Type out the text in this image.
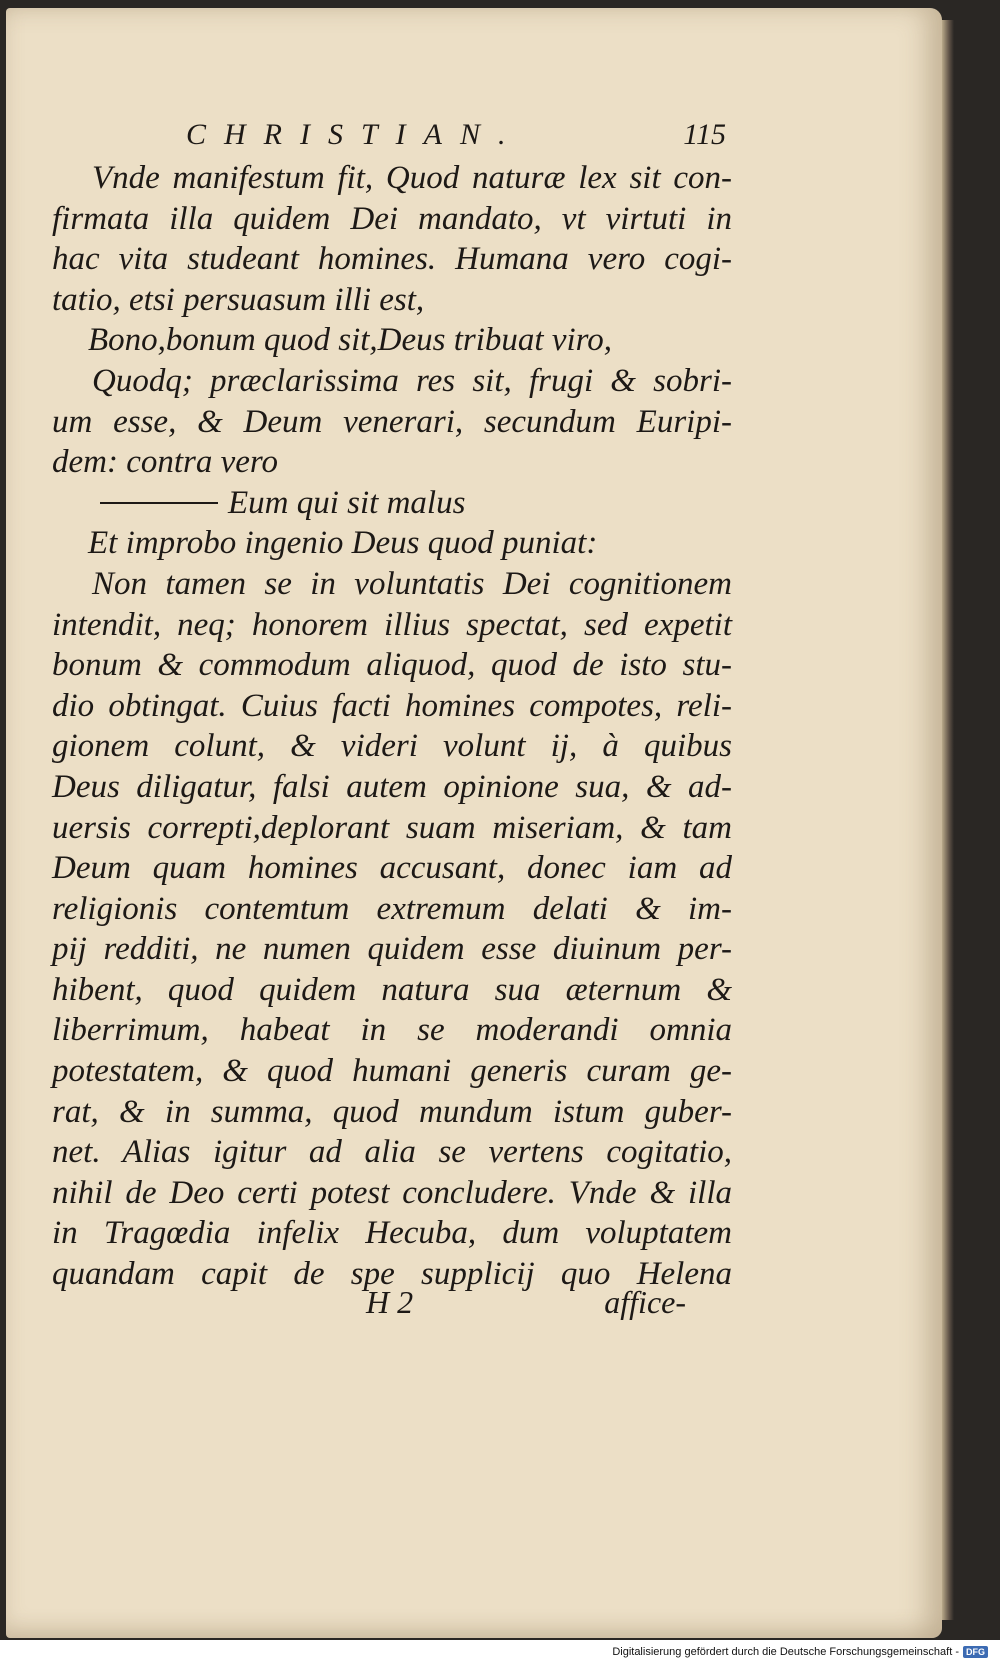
CHRISTIAN.	115
Vnde manifestum fit, Quod naturæ lex sit con-
firmata illa quidem Dei mandato, vt virtuti in
hac vita studeant homines. Humana vero cogi-
tatio, etsi persuasum illi est,
Bono,bonum quod sit,Deus tribuat viro,
Quodq; præclarissima res sit, frugi & sobri-
um esse, & Deum venerari, secundum Euripi-
dem: contra vero
Eum qui sit malus
Et improbo ingenio Deus quod puniat:
Non tamen se in voluntatis Dei cognitionem
intendit, neq; honorem illius spectat, sed expetit
bonum & commodum aliquod, quod de isto stu-
dio obtingat. Cuius facti homines compotes, reli-
gionem colunt, & videri volunt ij, à quibus
Deus diligatur, falsi autem opinione sua, & ad-
uersis correpti,deplorant suam miseriam, & tam
Deum quam homines accusant, donec iam ad
religionis contemtum extremum delati & im-
pij redditi, ne numen quidem esse diuinum per-
hibent, quod quidem natura sua æternum &
liberrimum, habeat in se moderandi omnia
potestatem, & quod humani generis curam ge-
rat, & in summa, quod mundum istum guber-
net. Alias igitur ad alia se vertens cogitatio,
nihil de Deo certi potest concludere. Vnde & illa
in Tragœdia infelix Hecuba, dum voluptatem
quandam capit de spe supplicij quo Helena
H 2	affice-
Digitalisierung gefördert durch die Deutsche Forschungsgemeinschaft - DFG
